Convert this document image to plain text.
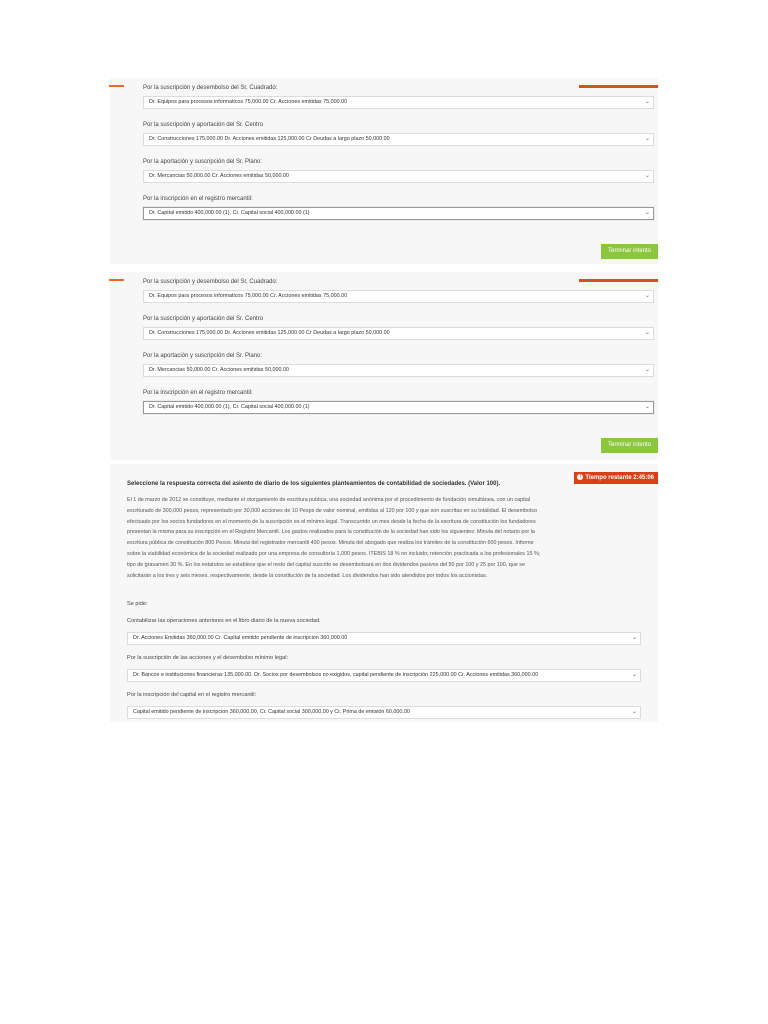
Por la suscripción y desembolso del Sr, Cuadrado:
Dr. Equipos para procesos informaticos 75,000.00 Cr. Acciones emitidas 75,000.00	⌄
Por la suscripción y aportación del Sr. Centro
Dr. Construcciones 175,000.00 Dr. Acciones emitidas 125,000.00 Cr Deudas a largo plazo 50,000.00	⌄
Por la aportación y suscripción del Sr. Plano:
Dr. Mercancias 50,000.00 Cr. Acciones emitidas 50,000.00	⌄
Por la inscripción en el registro mercantil:
Dr. Capital emitido 400,000.00 (1), Cr. Capital social 400,000.00 (1)	⌄
Terminar intento
Por la suscripción y desembolso del Sr, Cuadrado:
Dr. Equipos para procesos informaticos 75,000.00 Cr. Acciones emitidas 75,000.00	⌄
Por la suscripción y aportación del Sr. Centro
Dr. Construcciones 175,000.00 Dr. Acciones emitidas 125,000.00 Cr Deudas a largo plazo 50,000.00	⌄
Por la aportación y suscripción del Sr. Plano:
Dr. Mercancias 50,000.00 Cr. Acciones emitidas 50,000.00	⌄
Por la inscripción en el registro mercantil:
Dr. Capital emitido 400,000.00 (1), Cr. Capital social 400,000.00 (1)	⌄
Terminar intento
!Tiempo restante 2:45:06
Seleccione la respuesta correcta del asiento de diario de los siguientes planteamientos de contabilidad de sociedades. (Valor 100).

El 1 de marzo de 2012 se constituye, mediante el otorgamiento de escritura publica, una sociedad anónima por el procedimiento de fundación simultánea, con un capital

escriturado de 300,000 pesos, representado por 30,000 acciones de 10 Pesps de valor nominal, emitidas al 120 por 100 y que son suscritas en su totalidad. El desembolso

efectuado por los socios fundadores en el momento de la suscripción es el mínimo legal. Transcurrido un mes desde la fecha de la escritura de constitución los fundadores

presentan la misma para su inscripción en el Registro Mercantil. Los gastos realizados para la constitución de la sociedad han sido los siguientes: Minuta del notario por la

escritura pública de constitución 800 Pesos. Minuta del registrador mercantil 400 pesos. Minuta del abogado que realiza los trámites de la constitución 600 pesos. Informe

sobre la viabilidad económica de la sociedad realizado por una empresa de consultoría 1,000 pesos. ITEBIS 18 % no incluido; retención practicada a los profesionales 15 %;

tipo de gravamen 30 %. En los estatutos se establece que el resto del capital suscrito se desembolsará en dos dividendos pasivos del 50 por 100 y 25 por 100, que se

solicitarán a los tres y seis meses, respectivamente, desde la constitución de la sociedad. Los dividendos han sido atendidos por todos los accionistas.

Se pide:
Contabilizar las operaciones anteriores en el libro diario de la nueva sociedad.
Dr. Acciones Emitidas 360,000.00 Cr. Capital emitido pendiente de inscripcion 360,000.00	⌄
Por la suscripción de las acciones y el desembolso mínimo legal:
Dr. Bancos e instituciones financieras 135,000.00. Dr. Socios por desembolsos no exigidos, capital pendiente de inscripción 225,000.00 Cr. Acciones emitidas 360,000.00	⌄
Por la inscripción del capital en el registro mercantil:
Capital emitido pendiente de inscripcion 360,000.00, Cr. Capital social 300,000.00 y Cr. Prima de emisión 60,000.00	⌄
